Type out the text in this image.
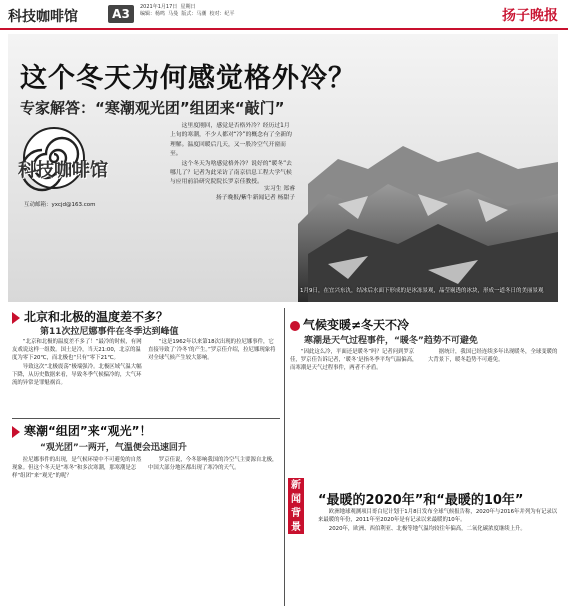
科技咖啡馆	A3	2021年1月17日  星期日
编辑：杨鸣  马曼  版式：马潮  校对：纪平	扬子晚报
这个冬天为何感觉格外冷？
专家解答：“寒潮观光团”组团来“敲门”
科技咖啡馆
互动邮箱：yxcjd@163.com

这里度刚回，感觉是否格外冷？经历过1月上旬的寒潮，不少人都对“冷”的概念有了全新的理解。温度回暖后几天，又一股冷空气开窗而至。

这个冬天为啥感觉格外冷？说好的“暖冬”去哪儿了？记者为此采访了南京信息工程大学气候与应用前沿研究院院长罗京佳教授。

实习生 郑睿
扬子晚报/紫牛新闻记者 杨甜子
1月9日，在宜兴东氿，结冰后水面下形成的是冰冻景观，晶莹剔透的冰块，形成一道冬日的美丽景观
北京和北极的温度差不多？
第11次拉尼娜事件在冬季达到峰值

“北京和北极的温度差不多了！”最冷的时候，有网友戏说这样一组数。国土是冷，当天21:00，北京的温度为零下20℃，而北极也“只有”零下21℃。

导致这次“北极震荡”极端强冷。北极区域气温大幅下降，从历史数据来看，导致冬季气候偏冷的，大气环流的异常是罪魁祸首。

“这是1962年以来第18次出现的拉尼娜事件，它直接导致了‘冷冬’的产生。”罗京佳介绍，拉尼娜现象将对全球气候产生较大影响。

寒潮“组团”来“观光”！
“观光团”一两开，气温便会迅速回升

拉尼娜事件的出现，是气候环境中不可避免的自然现象。但这个冬天是“寒冬”和多次寒潮，那寒潮是怎样“组团”来“观光”的呢？

罗京佳说，今冬影响我国的冷空气主要源自北极，中国大部分地区都出现了寒冷的天气。

气候变暖≠冬天不冷
寒潮是天气过程事件，“暖冬”趋势不可避免

“因此这么冷，平面还是暖冬”吗？记者问到罗京佳，罗京佳告诉记者，‘暖冬’是指冬季平均气温偏高，而寒潮是天气过程事件，两者不矛盾。

据统计，我国已经连续多年出现暖冬，全球变暖的大背景下，暖冬趋势不可避免。

新闻背景
“最暖的2020年”和“最暖的10年”

欧洲地球观测项目哥白尼计划于1月8日发布全球气候报告称，2020年与2016年并列为有记录以来最暖的年份，2011年至2020年是有记录以来最暖的10年。

2020年，欧洲、西伯利亚、北极等地气温均较往年偏高，二氧化碳浓度继续上升。
